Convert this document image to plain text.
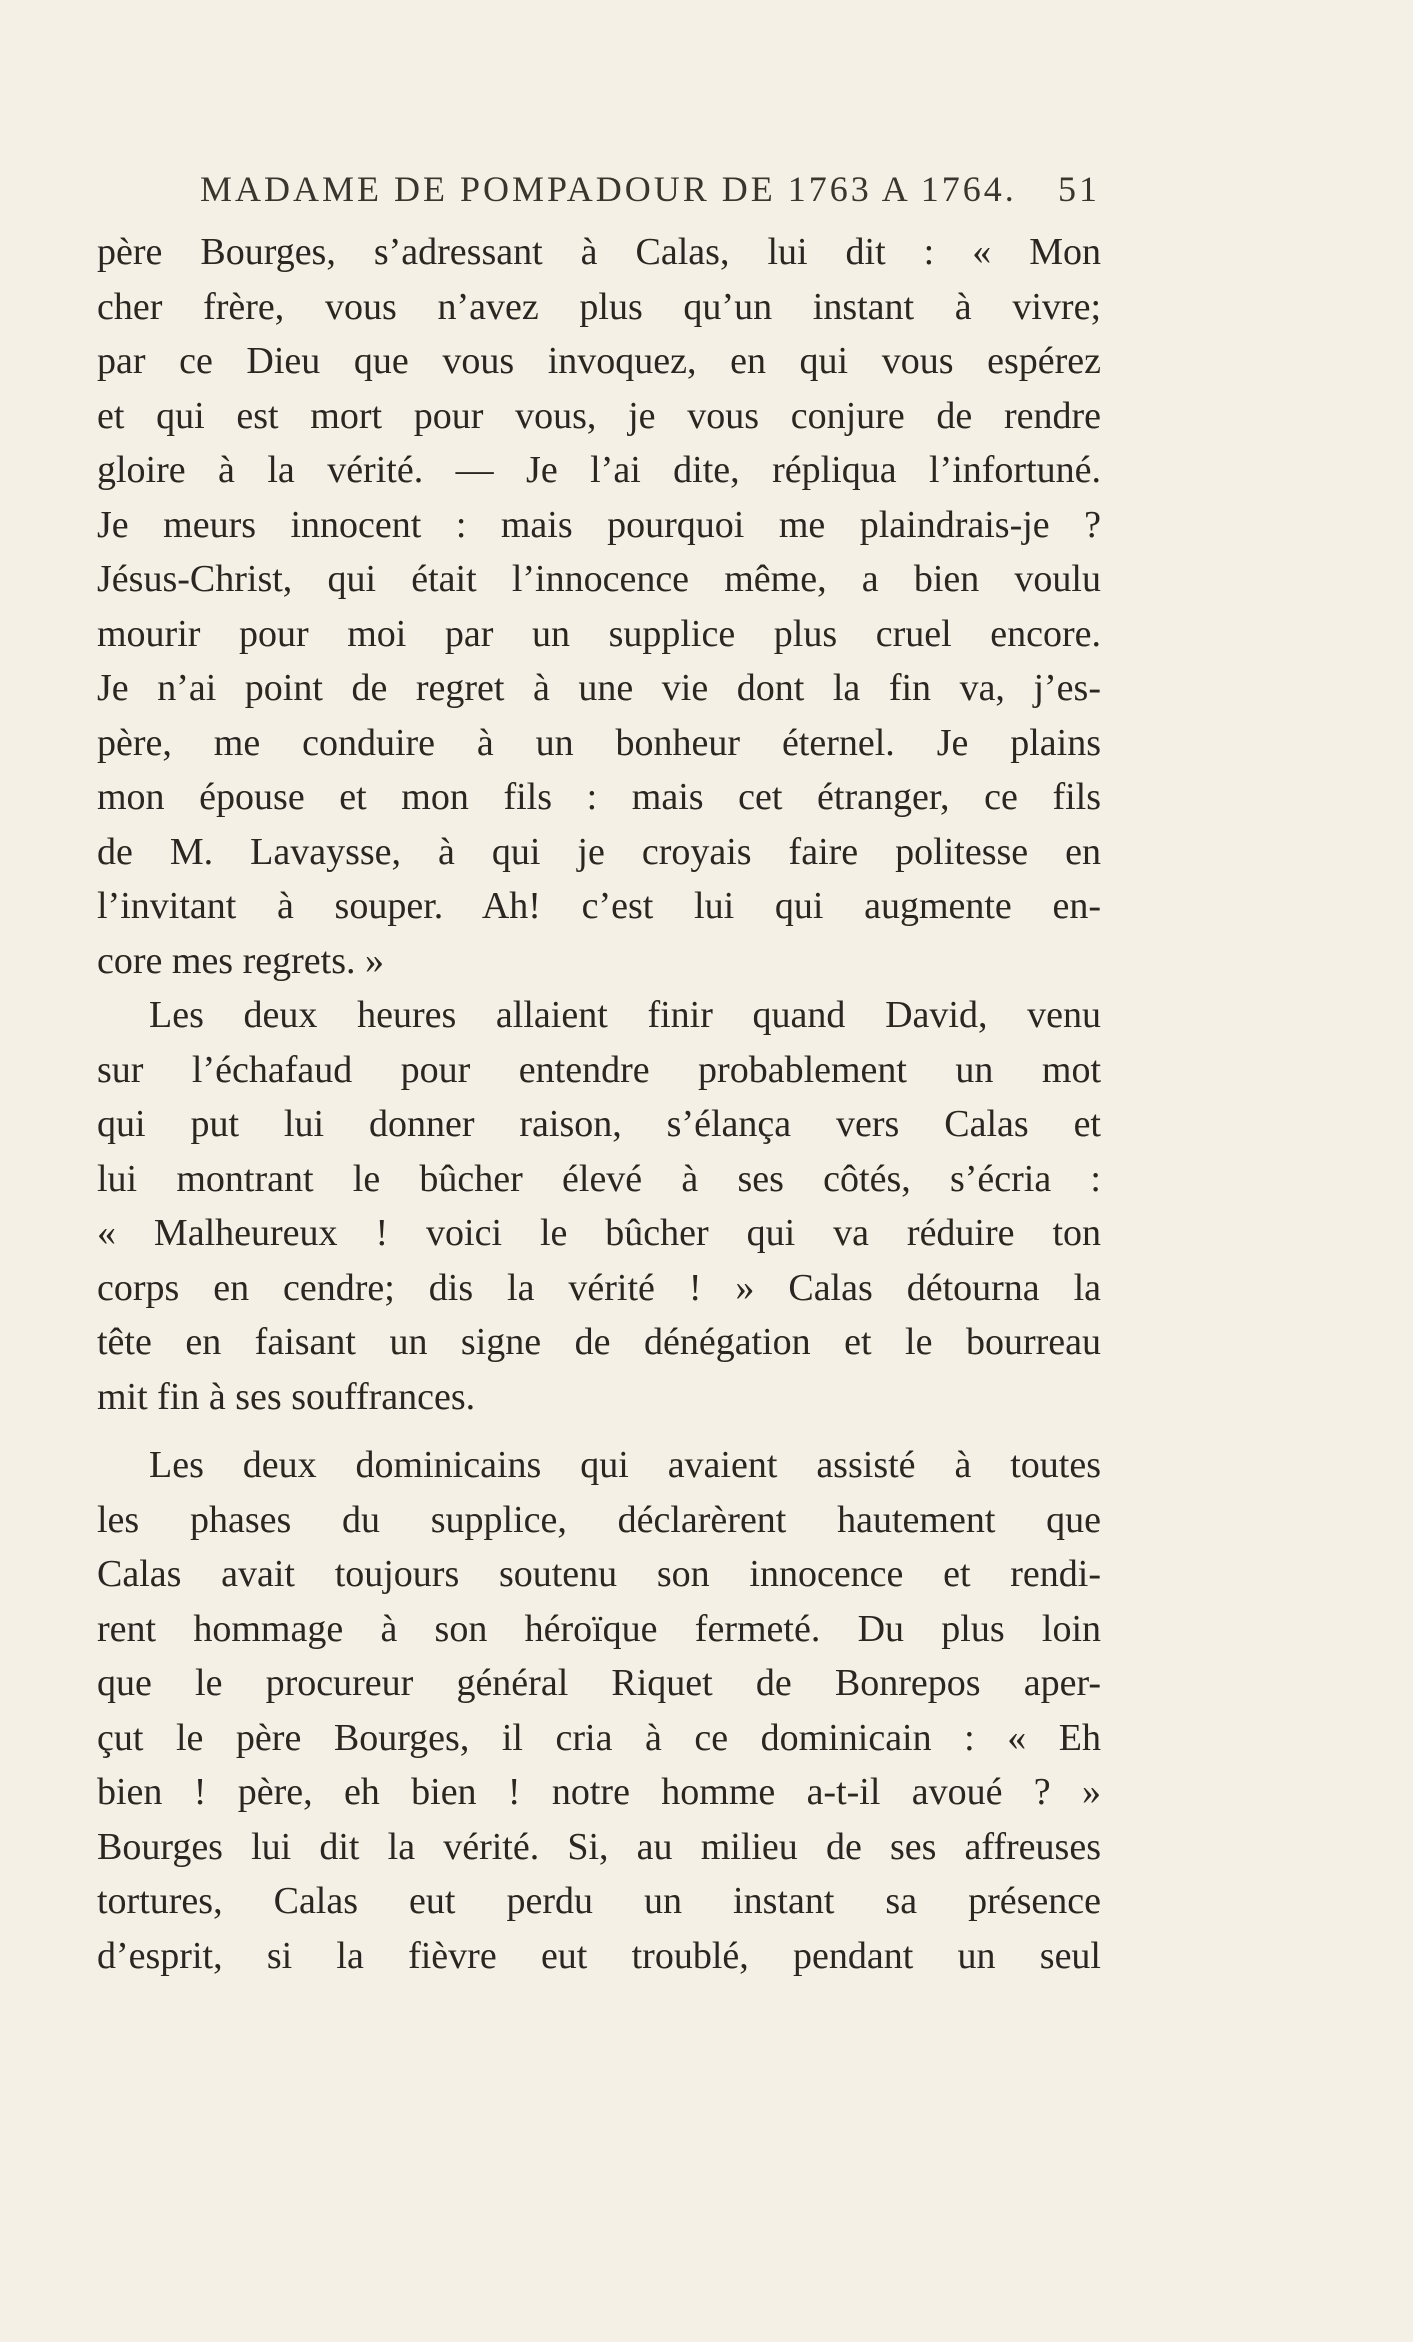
MADAME DE POMPADOUR DE 1763 A 1764. 51
père Bourges, s’adressant à Calas, lui dit : « Mon
cher frère, vous n’avez plus qu’un instant à vivre;
par ce Dieu que vous invoquez, en qui vous espérez
et qui est mort pour vous, je vous conjure de rendre
gloire à la vérité. — Je l’ai dite, répliqua l’infortuné.
Je meurs innocent : mais pourquoi me plaindrais-je ?
Jésus-Christ, qui était l’innocence même, a bien voulu
mourir pour moi par un supplice plus cruel encore.
Je n’ai point de regret à une vie dont la fin va, j’es-
père, me conduire à un bonheur éternel. Je plains
mon épouse et mon fils : mais cet étranger, ce fils
de M. Lavaysse, à qui je croyais faire politesse en
l’invitant à souper. Ah! c’est lui qui augmente en-
core mes regrets. »
Les deux heures allaient finir quand David, venu
sur l’échafaud pour entendre probablement un mot
qui put lui donner raison, s’élança vers Calas et
lui montrant le bûcher élevé à ses côtés, s’écria :
« Malheureux ! voici le bûcher qui va réduire ton
corps en cendre; dis la vérité ! » Calas détourna la
tête en faisant un signe de dénégation et le bourreau
mit fin à ses souffrances.
Les deux dominicains qui avaient assisté à toutes
les phases du supplice, déclarèrent hautement que
Calas avait toujours soutenu son innocence et rendi-
rent hommage à son héroïque fermeté. Du plus loin
que le procureur général Riquet de Bonrepos aper-
çut le père Bourges, il cria à ce dominicain : « Eh
bien ! père, eh bien ! notre homme a-t-il avoué ? »
Bourges lui dit la vérité. Si, au milieu de ses affreuses
tortures, Calas eut perdu un instant sa présence
d’esprit, si la fièvre eut troublé, pendant un seul
